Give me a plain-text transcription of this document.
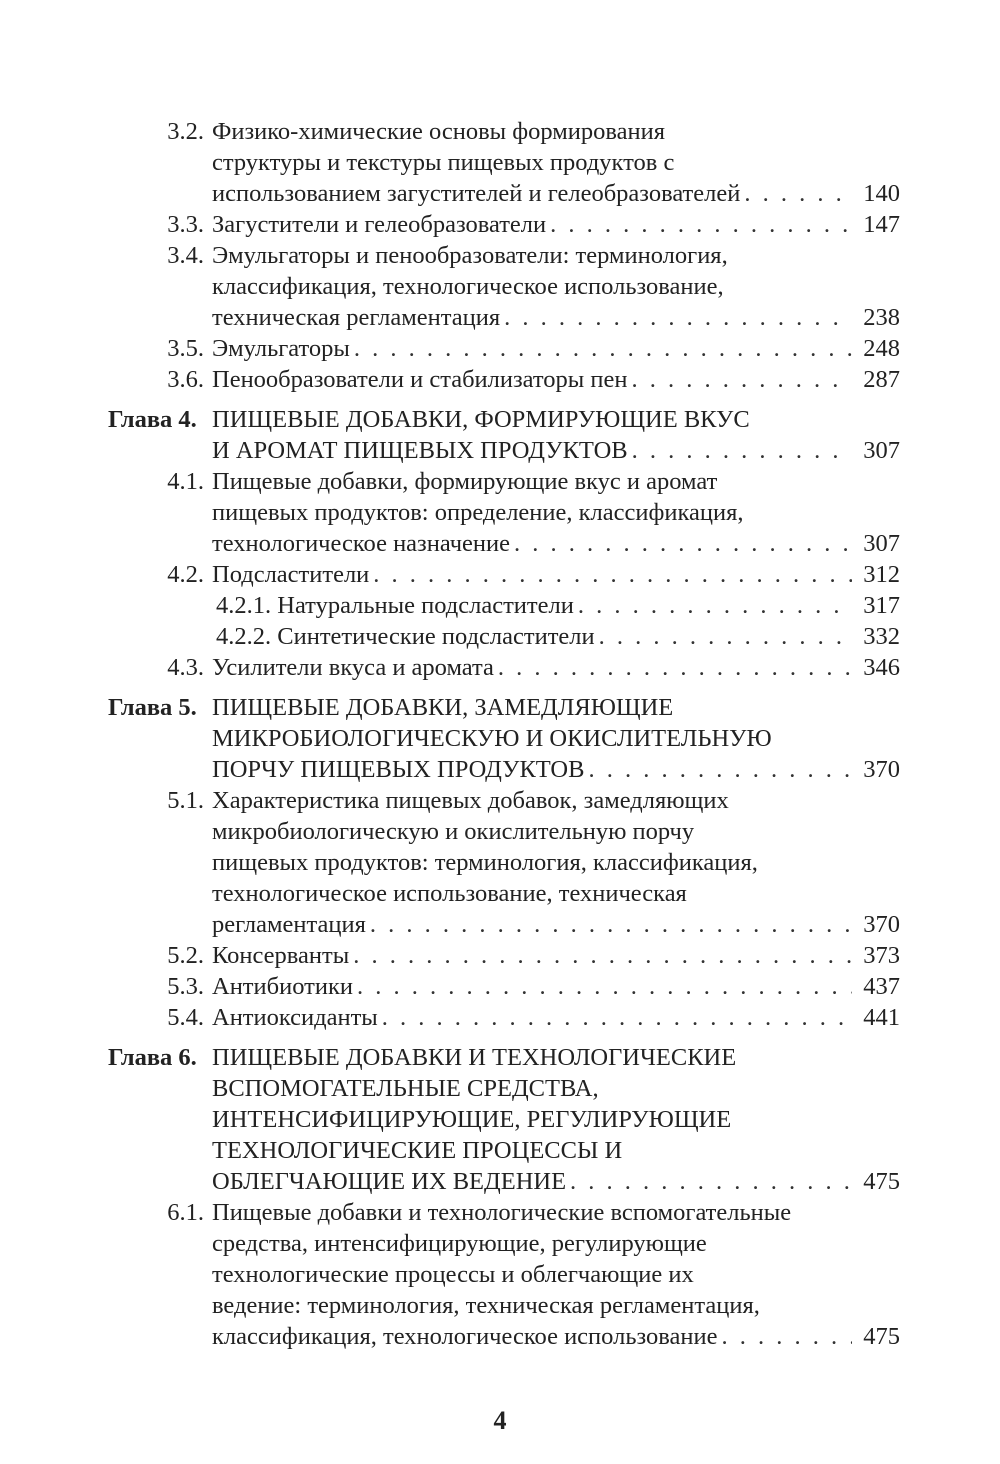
3.2. Физико-химические основы формирования
структуры и текстуры пищевых продуктов с
использованием загустителей и гелеобразователей . . .	140
3.3. Загустители и гелеобразователи . . .	147
3.4. Эмульгаторы и пенообразователи: терминология,
классификация, технологическое использование,
техническая регламентация . . .	238
3.5. Эмульгаторы . . .	248
3.6. Пенообразователи и стабилизаторы пен . . .	287
Глава 4. ПИЩЕВЫЕ ДОБАВКИ, ФОРМИРУЮЩИЕ ВКУС
И АРОМАТ ПИЩЕВЫХ ПРОДУКТОВ . . .	307
4.1. Пищевые добавки, формирующие вкус и аромат
пищевых продуктов: определение, классификация,
технологическое назначение . . .	307
4.2. Подсластители . . .	312
4.2.1. Натуральные подсластители . . .	317
4.2.2. Синтетические подсластители . . .	332
4.3. Усилители вкуса и аромата . . .	346
Глава 5. ПИЩЕВЫЕ ДОБАВКИ, ЗАМЕДЛЯЮЩИЕ
МИКРОБИОЛОГИЧЕСКУЮ И ОКИСЛИТЕЛЬНУЮ
ПОРЧУ ПИЩЕВЫХ ПРОДУКТОВ . . .	370
5.1. Характеристика пищевых добавок, замедляющих
микробиологическую и окислительную порчу
пищевых продуктов: терминология, классификация,
технологическое использование, техническая
регламентация . . .	370
5.2. Консерванты . . .	373
5.3. Антибиотики . . .	437
5.4. Антиоксиданты . . .	441
Глава 6. ПИЩЕВЫЕ ДОБАВКИ И ТЕХНОЛОГИЧЕСКИЕ
ВСПОМОГАТЕЛЬНЫЕ СРЕДСТВА,
ИНТЕНСИФИЦИРУЮЩИЕ, РЕГУЛИРУЮЩИЕ
ТЕХНОЛОГИЧЕСКИЕ ПРОЦЕССЫ И
ОБЛЕГЧАЮЩИЕ ИХ ВЕДЕНИЕ . . .	475
6.1. Пищевые добавки и технологические вспомогательные
средства, интенсифицирующие, регулирующие
технологические процессы и облегчающие их
ведение: терминология, техническая регламентация,
классификация, технологическое использование . . .	475
4
